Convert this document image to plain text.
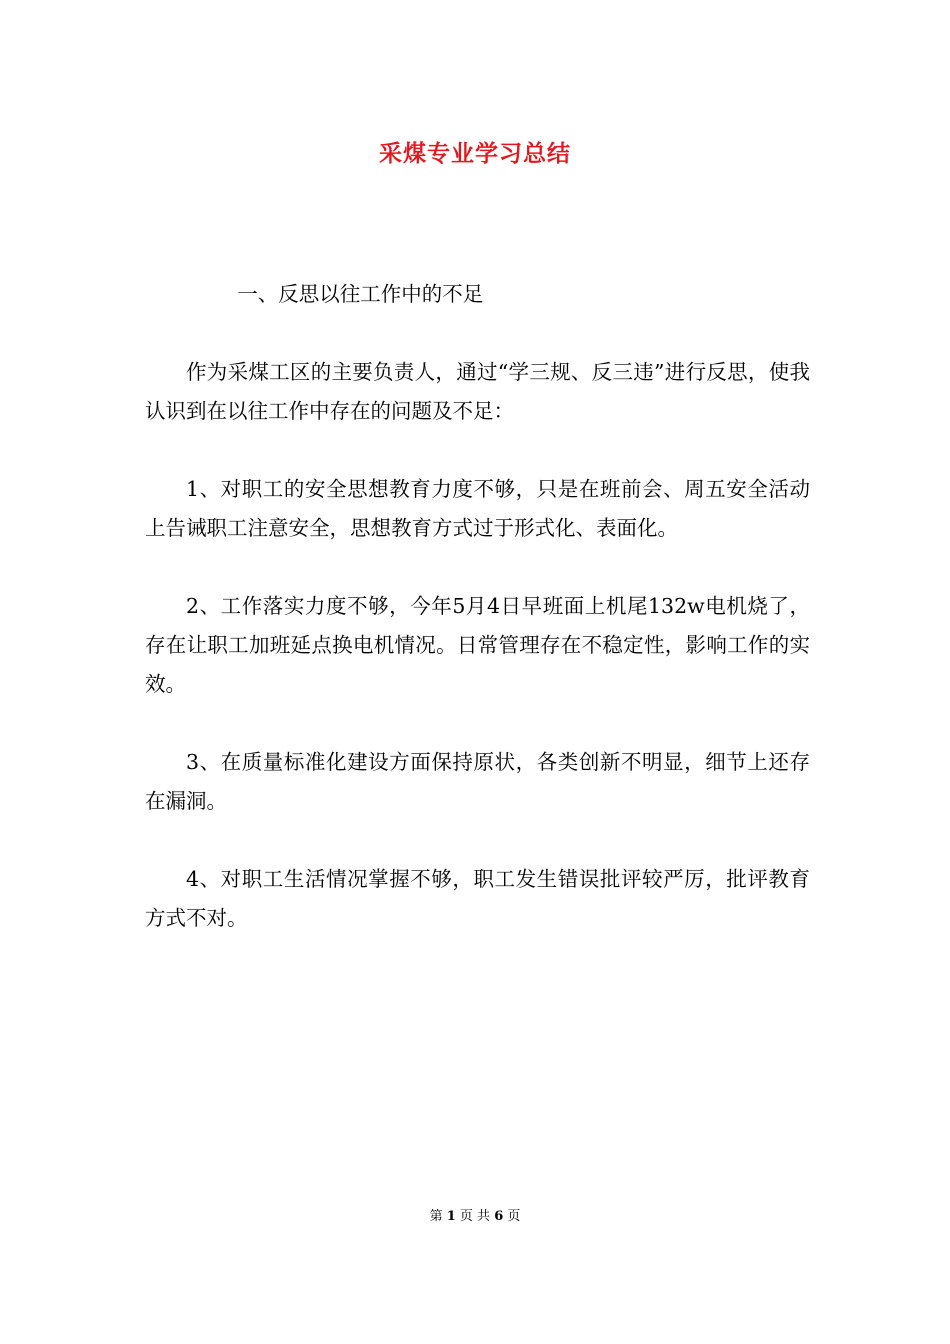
采煤专业学习总结

一、反思以往工作中的不足

作为采煤工区的主要负责人，通过“学三规、反三违”进行反思，使我认识到在以往工作中存在的问题及不足：

1、对职工的安全思想教育力度不够，只是在班前会、周五安全活动上告诫职工注意安全，思想教育方式过于形式化、表面化。

2、工作落实力度不够，今年5月4日早班面上机尾132w电机烧了，存在让职工加班延点换电机情况。日常管理存在不稳定性，影响工作的实效。

3、在质量标准化建设方面保持原状，各类创新不明显，细节上还存在漏洞。

4、对职工生活情况掌握不够，职工发生错误批评较严厉，批评教育方式不对。

第 1 页 共 6 页
